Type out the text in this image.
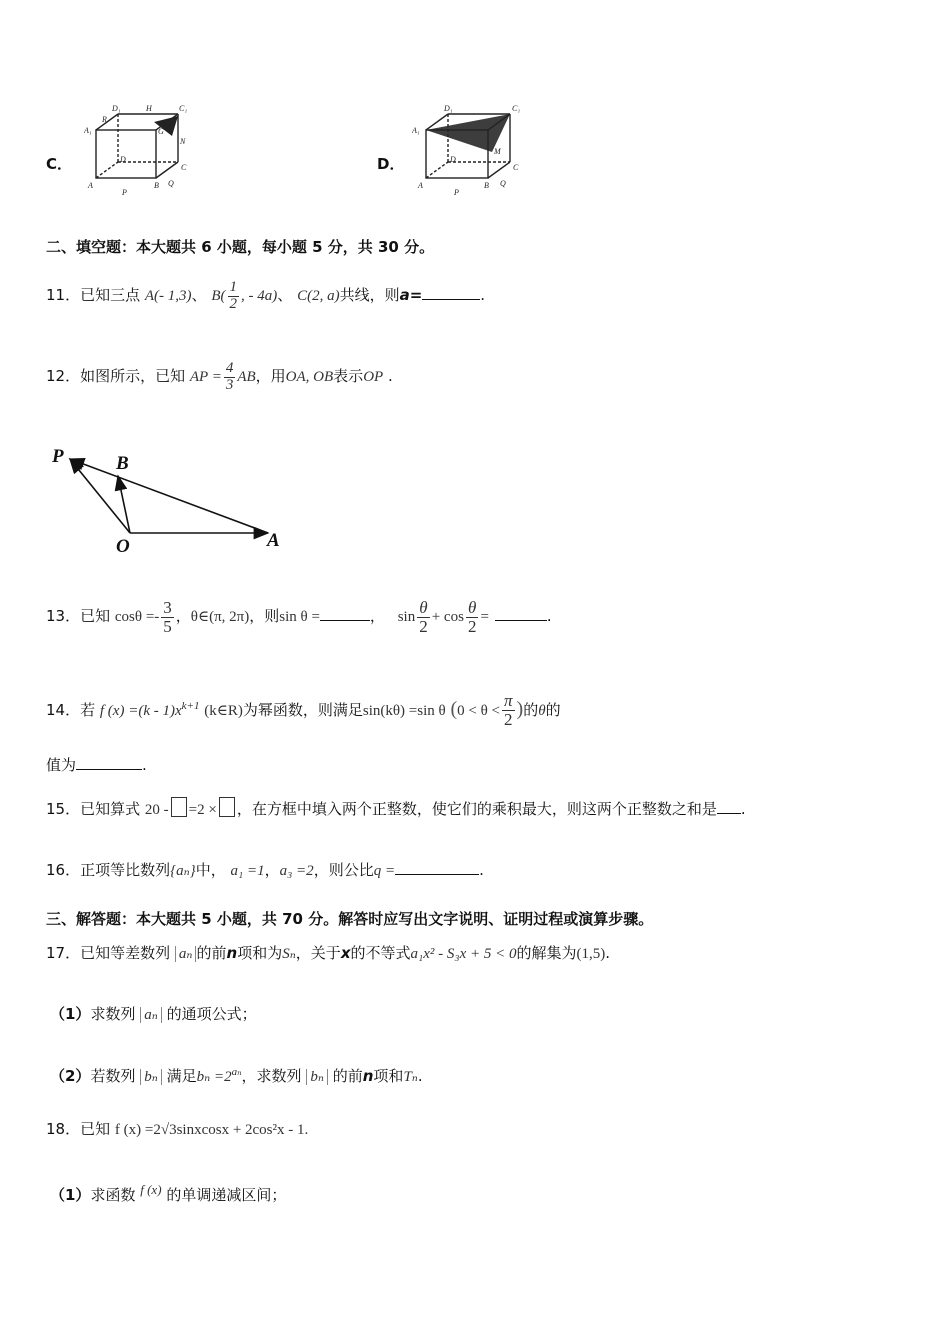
C．
D₁	H	C₁
R
A₁	G
N
D
C
A	B Q
P
D．
D₁	C₁
A₁
M
D
C
A	B Q
P
二、填空题：本大题共 6 小题，每小题 5 分，共 30 分。
11．已知三点 A(- 1,3)、 $B( \frac{1}{2}$ , - 4a)、 C(2, a)共线，则a=	.
12．如图所示，已知 AP = $\frac{4}{3}$ AB，用OA, OB表示OP .
P	B
O	A
13．已知 $\cos\theta =- \frac{3}{5}$ ，θ∈(π, 2π)，则sin θ =	， $\sin \frac{\theta}{2} + \cos \frac{\theta}{2}$ =	.
14．若 f $(x) =(k - 1)x^{k+1}$ (k∈R)为幂函数，则满足sin(kθ) =sin θ ($0 < \theta < \frac{\pi}{2}$ )的θ的
值为	.
15．已知算式 20 - =2 × ，在方框中填入两个正整数，使它们的乘积最大，则这两个正整数之和是 .
16．正项等比数列{aₙ}中， a₁ =1，a₃ =2，则公比q =	.
三、解答题：本大题共 5 小题，共 70 分。解答时应写出文字说明、证明过程或演算步骤。
17．已知等差数列 aₙ 的前n项和为Sₙ，关于x的不等式a₁x² - S₃x + 5 < 0的解集为(1,5).
（1）求数列 aₙ 的通项公式；
（2）若数列 bₙ 满足$b_n =2^{a_n}$，求数列 bₙ 的前n项和Tₙ.
18．已知 f (x) =2√3sinxcosx + 2cos²x - 1.
（1）求函数 $^{f (x)}$ 的单调递减区间；
